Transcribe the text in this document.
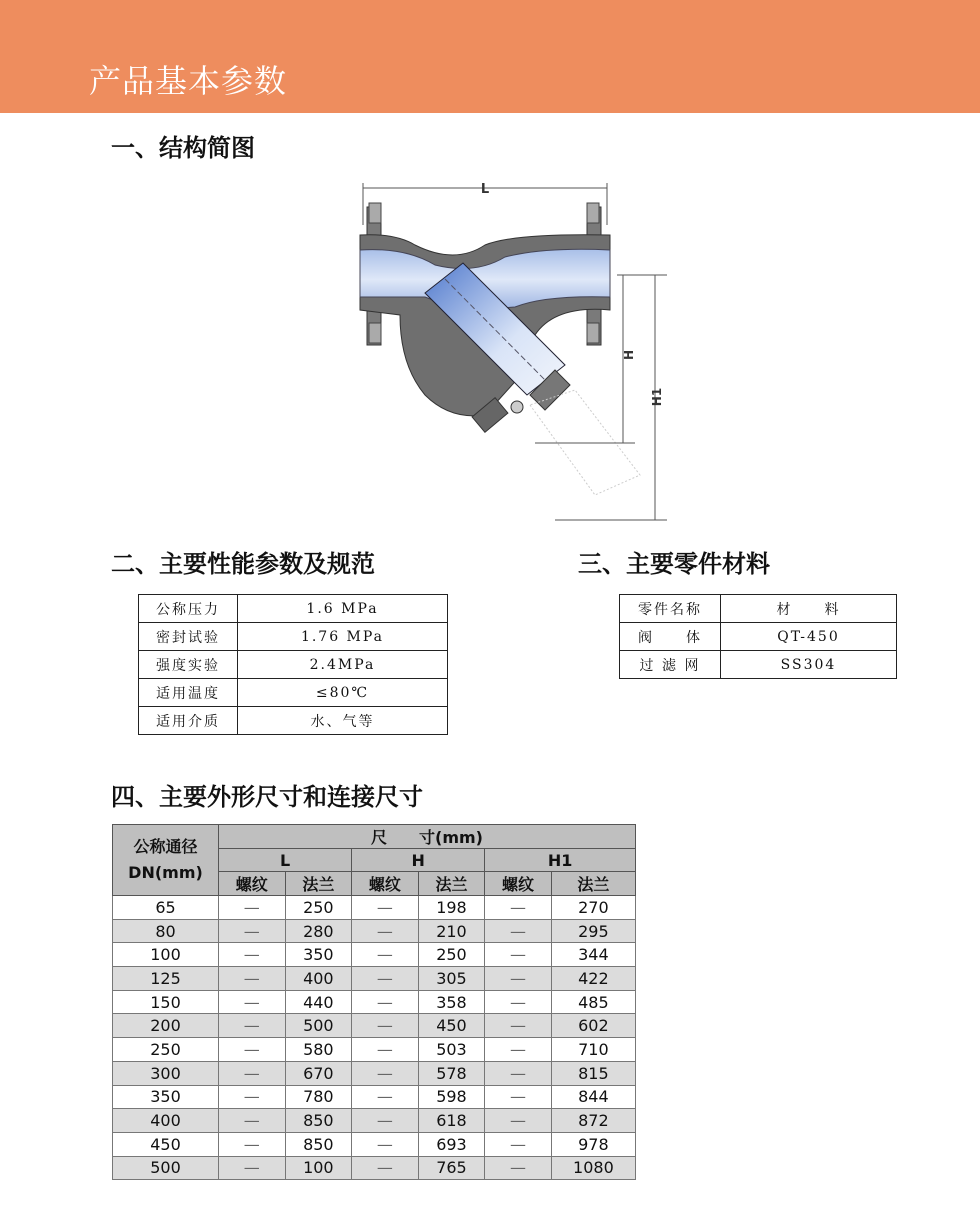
产品基本参数
一、结构简图
L
H
H1
二、主要性能参数及规范	三、主要零件材料
公称压力	1.6 MPa
密封试验	1.76 MPa
强度实验	2.4MPa
适用温度	≤80℃
适用介质	水、气等
零件名称	材　　料
阀　　体	QT-450
过 滤 网	SS304
四、主要外形尺寸和连接尺寸
公称通径
DN(mm)	尺　　寸(mm)					
	L		H		H1	
	螺纹	法兰	螺纹	法兰	螺纹	法兰
65	—	250	—	198	—	270
80	—	280	—	210	—	295
100	—	350	—	250	—	344
125	—	400	—	305	—	422
150	—	440	—	358	—	485
200	—	500	—	450	—	602
250	—	580	—	503	—	710
300	—	670	—	578	—	815
350	—	780	—	598	—	844
400	—	850	—	618	—	872
450	—	850	—	693	—	978
500	—	100	—	765	—	1080
